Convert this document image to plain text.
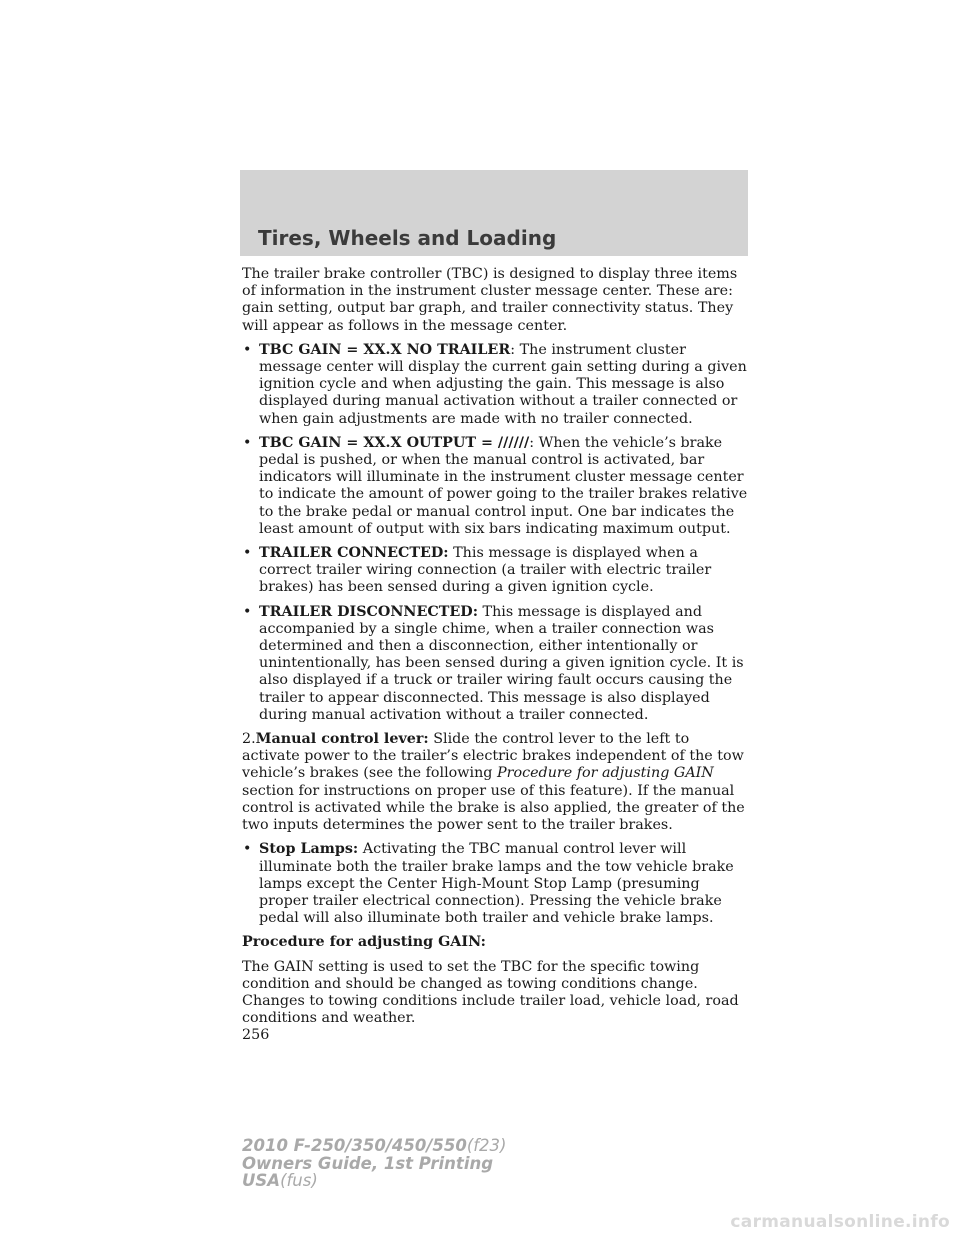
Tires, Wheels and Loading

The trailer brake controller (TBC) is designed to display three items of information in the instrument cluster message center. These are: gain setting, output bar graph, and trailer connectivity status. They will appear as follows in the message center.

• TBC GAIN = XX.X NO TRAILER: The instrument cluster message center will display the current gain setting during a given ignition cycle and when adjusting the gain. This message is also displayed during manual activation without a trailer connected or when gain adjustments are made with no trailer connected.
• TBC GAIN = XX.X OUTPUT = //////: When the vehicle’s brake pedal is pushed, or when the manual control is activated, bar indicators will illuminate in the instrument cluster message center to indicate the amount of power going to the trailer brakes relative to the brake pedal or manual control input. One bar indicates the least amount of output with six bars indicating maximum output.
• TRAILER CONNECTED: This message is displayed when a correct trailer wiring connection (a trailer with electric trailer brakes) has been sensed during a given ignition cycle.
• TRAILER DISCONNECTED: This message is displayed and accompanied by a single chime, when a trailer connection was determined and then a disconnection, either intentionally or unintentionally, has been sensed during a given ignition cycle. It is also displayed if a truck or trailer wiring fault occurs causing the trailer to appear disconnected. This message is also displayed during manual activation without a trailer connected.

2.Manual control lever: Slide the control lever to the left to activate power to the trailer’s electric brakes independent of the tow vehicle’s brakes (see the following Procedure for adjusting GAIN section for instructions on proper use of this feature). If the manual control is activated while the brake is also applied, the greater of the two inputs determines the power sent to the trailer brakes.

• Stop Lamps: Activating the TBC manual control lever will illuminate both the trailer brake lamps and the tow vehicle brake lamps except the Center High-Mount Stop Lamp (presuming proper trailer electrical connection). Pressing the vehicle brake pedal will also illuminate both trailer and vehicle brake lamps.

Procedure for adjusting GAIN:

The GAIN setting is used to set the TBC for the specific towing condition and should be changed as towing conditions change. Changes to towing conditions include trailer load, vehicle load, road conditions and weather.

256
2010 F-250/350/450/550(f23)
Owners Guide, 1st Printing
USA(fus)
carmanualsonline.info
